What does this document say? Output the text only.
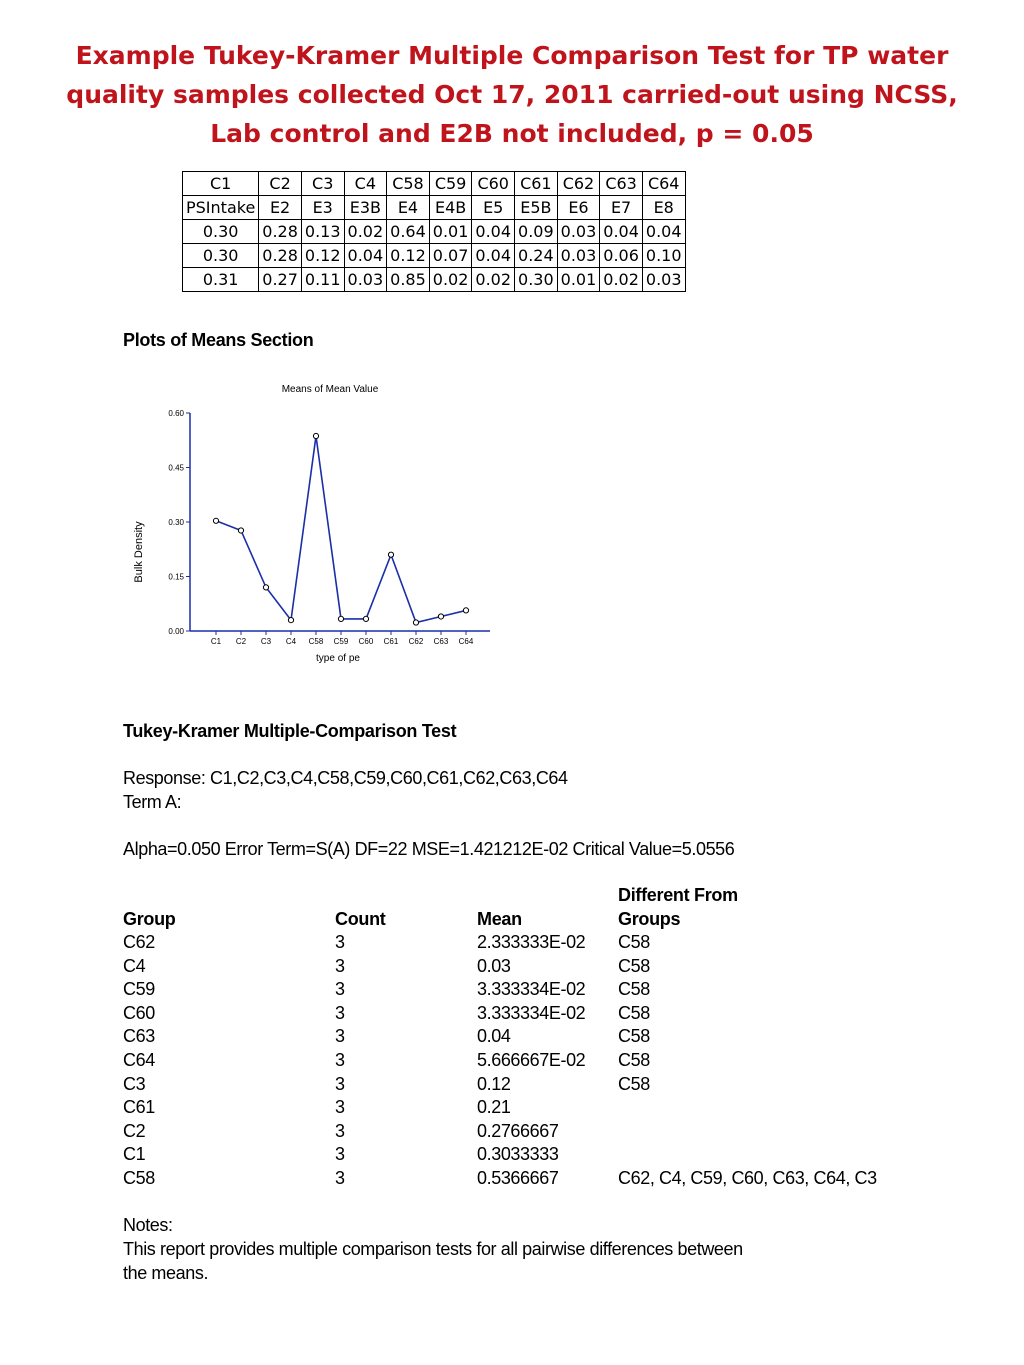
Example Tukey-Kramer Multiple Comparison Test for TP water quality samples collected Oct 17, 2011 carried-out using NCSS, Lab control and E2B not included, p = 0.05
C1	C2	C3	C4	C58	C59	C60	C61	C62	C63	C64
PSIntake	E2	E3	E3B	E4	E4B	E5	E5B	E6	E7	E8
0.30	0.28	0.13	0.02	0.64	0.01	0.04	0.09	0.03	0.04	0.04
0.30	0.28	0.12	0.04	0.12	0.07	0.04	0.24	0.03	0.06	0.10
0.31	0.27	0.11	0.03	0.85	0.02	0.02	0.30	0.01	0.02	0.03

Plots of Means Section

Means of Mean Value
0.00
0.15
0.30
0.45
0.60
C1 C2 C3 C4 C58 C59 C60 C61 C62 C63 C64
type of pe
Bulk Density

Tukey-Kramer Multiple-Comparison Test

Response: C1,C2,C3,C4,C58,C59,C60,C61,C62,C63,C64

Term A:

Alpha=0.050 Error Term=S(A) DF=22 MSE=1.421212E-02 Critical Value=5.0556

Different From
Group	Count	Mean	Groups
C62	3	2.333333E-02 C58
C4	3	0.03	C58
C59	3	3.333334E-02 C58
C60	3	3.333334E-02 C58
C63	3	0.04	C58
C64	3	5.666667E-02 C58
C3	3	0.12	C58
C61	3	0.21
C2	3	0.2766667
C1	3	0.3033333
C58	3	0.5366667	C62, C4, C59, C60, C63, C64, C3

Notes:

This report provides multiple comparison tests for all pairwise differences between

the means.
